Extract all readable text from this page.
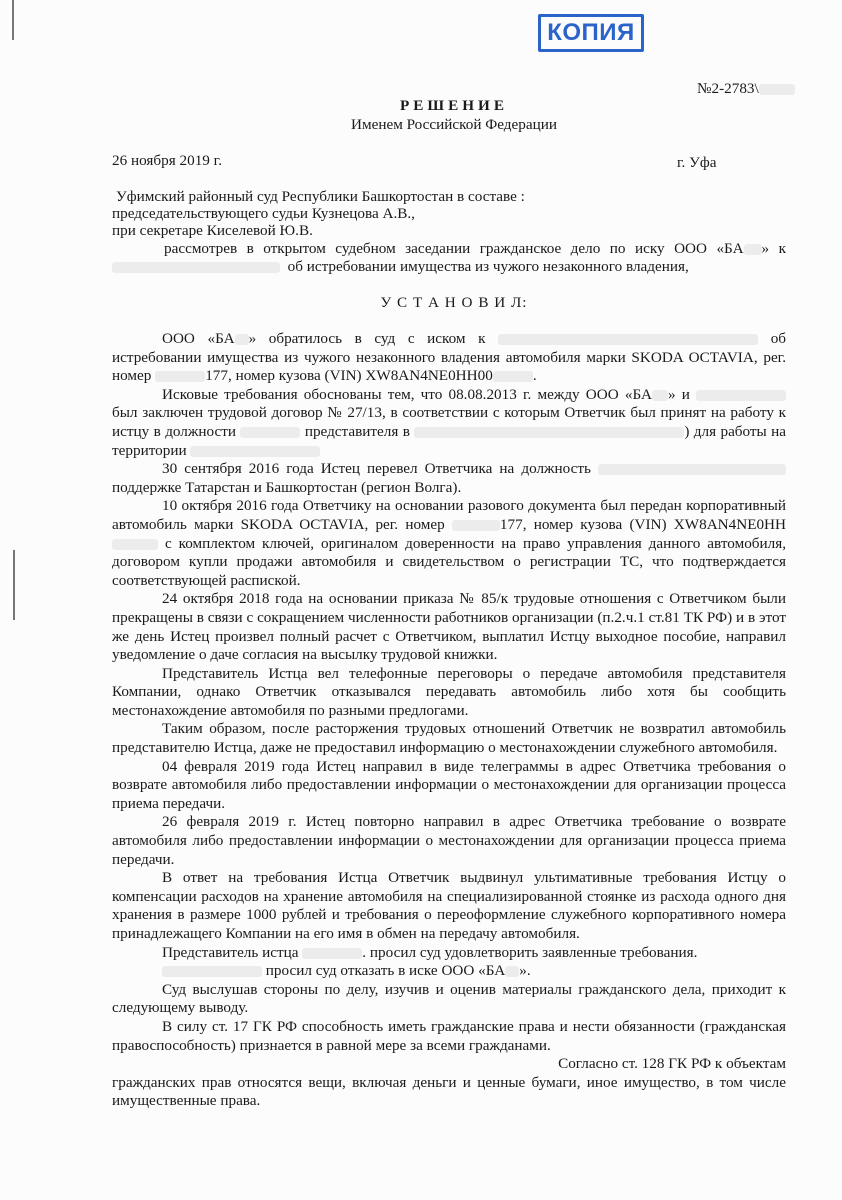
КОПИЯ
№2-2783\
РЕШЕНИЕ
Именем Российской Федерации
26 ноября 2019 г.	г. Уфа
Уфимский районный суд Республики Башкортостан в составе :
председательствующего судьи Кузнецова А.В.,
при секретаре Киселевой Ю.В.
рассмотрев в открытом судебном заседании гражданское дело по иску ООО «БА » к
об истребовании имущества из чужого незаконного владения,
У С Т А Н О В И Л:

ООО «БА » обратилось в суд с иском к	об истребовании имущества из чужого незаконного владения автомобиля марки SKODA OCTAVIA, рег. номер	177, номер кузова (VIN) XW8AN4NE0HH00	.

Исковые требования обоснованы тем, что 08.08.2013 г. между ООО «БА » и  был заключен трудовой договор № 27/13, в соответствии с которым Ответчик был принят на работу к истцу в должности	представителя в	) для работы на территории

30 сентября 2016 года Истец перевел Ответчика на должность  поддержке Татарстан и Башкортостан (регион Волга).

10 октября 2016 года Ответчику на основании разового документа был передан корпоративный автомобиль марки SKODA OCTAVIA, рег. номер	177, номер кузова (VIN) XW8AN4NE0HH с комплектом ключей, оригиналом доверенности на право управления данного автомобиля, договором купли продажи автомобиля и свидетельством о регистрации ТС, что подтверждается соответствующей распиской.

24 октября 2018 года на основании приказа № 85/к трудовые отношения с Ответчиком были прекращены в связи с сокращением численности работников организации (п.2.ч.1 ст.81 ТК РФ) и в этот же день Истец произвел полный расчет с Ответчиком, выплатил Истцу выходное пособие, направил уведомление о даче согласия на высылку трудовой книжки.

Представитель Истца вел телефонные переговоры о передаче автомобиля представителя Компании, однако Ответчик отказывался передавать автомобиль либо хотя бы сообщить местонахождение автомобиля по разными предлогами.

Таким образом, после расторжения трудовых отношений Ответчик не возвратил автомобиль представителю Истца, даже не предоставил информацию о местонахождении служебного автомобиля.

04 февраля 2019 года Истец направил в виде телеграммы в адрес Ответчика требования о возврате автомобиля либо предоставлении информации о местонахождении для организации процесса приема передачи.

26 февраля 2019 г. Истец повторно направил в адрес Ответчика требование о возврате автомобиля либо предоставлении информации о местонахождении для организации процесса приема передачи.

В ответ на требования Истца Ответчик выдвинул ультимативные требования Истцу о компенсации расходов на хранение автомобиля на специализированной стоянке из расхода одного дня хранения в размере 1000 рублей и требования о переоформление служебного корпоративного номера принадлежащего Компании на его имя в обмен на передачу автомобиля.

Представитель истца	. просил суд удовлетворить заявленные требования.

просил суд отказать в иске ООО «БА ».

Суд выслушав стороны по делу, изучив и оценив материалы гражданского дела, приходит к следующему выводу.

В силу ст. 17 ГК РФ способность иметь гражданские права и нести обязанности (гражданская правоспособность) признается в равной мере за всеми гражданами.

Согласно ст. 128 ГК РФ к объектам

гражданских прав относятся вещи, включая деньги и ценные бумаги, иное имущество, в том числе имущественные права.
